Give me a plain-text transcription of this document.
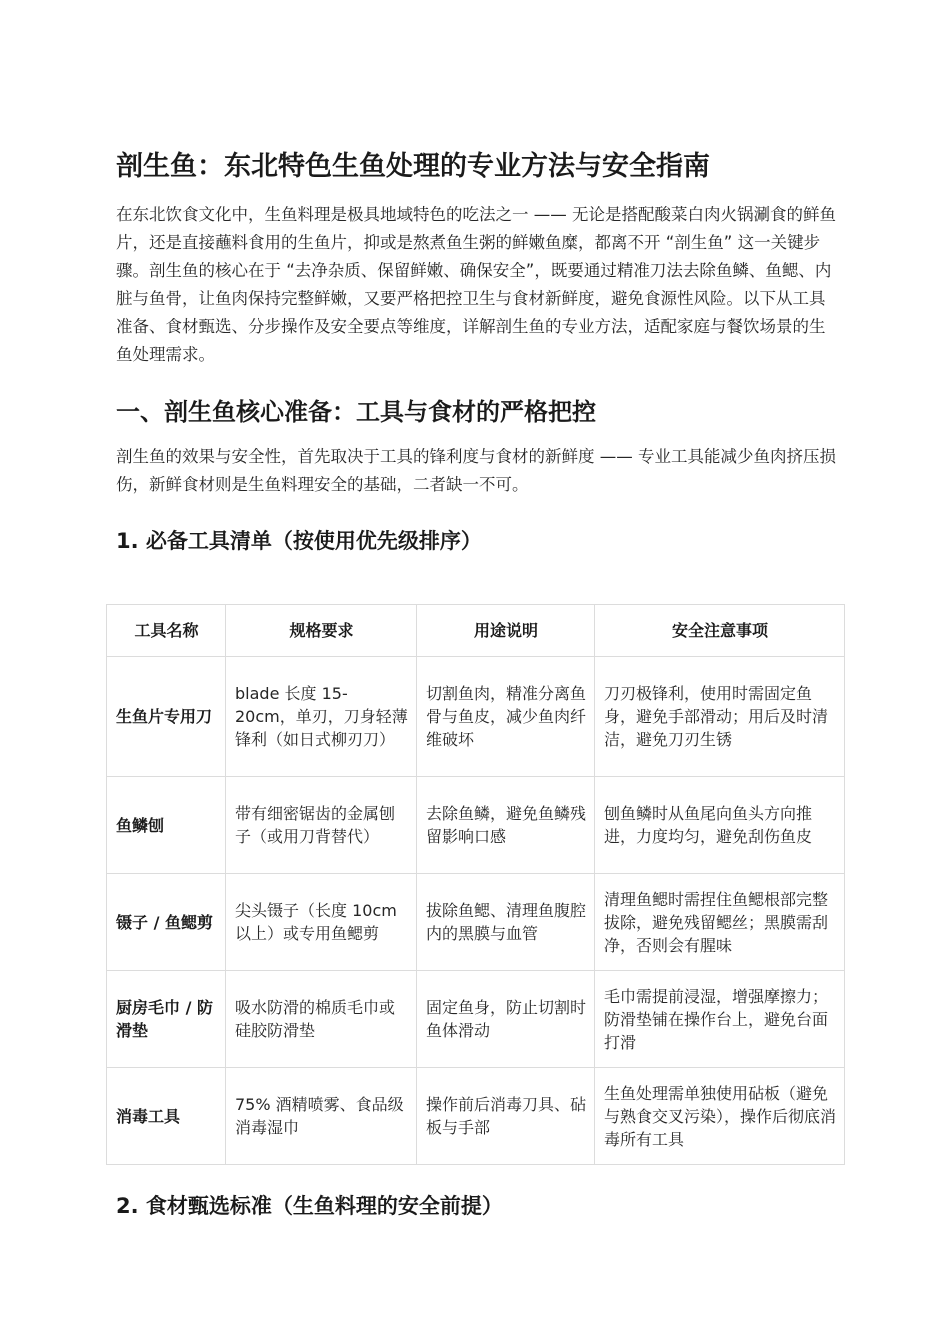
剖生鱼：东北特色生鱼处理的专业方法与安全指南

在东北饮食文化中，生鱼料理是极具地域特色的吃法之一 —— 无论是搭配酸菜白肉火锅涮食的鲜鱼片，还是直接蘸料食用的生鱼片，抑或是熬煮鱼生粥的鲜嫩鱼糜，都离不开 “剖生鱼” 这一关键步骤。剖生鱼的核心在于 “去净杂质、保留鲜嫩、确保安全”，既要通过精准刀法去除鱼鳞、鱼鳃、内脏与鱼骨，让鱼肉保持完整鲜嫩，又要严格把控卫生与食材新鲜度，避免食源性风险。以下从工具准备、食材甄选、分步操作及安全要点等维度，详解剖生鱼的专业方法，适配家庭与餐饮场景的生鱼处理需求。

一、剖生鱼核心准备：工具与食材的严格把控

剖生鱼的效果与安全性，首先取决于工具的锋利度与食材的新鲜度 —— 专业工具能减少鱼肉挤压损伤，新鲜食材则是生鱼料理安全的基础，二者缺一不可。

1. 必备工具清单（按使用优先级排序）
2. 食材甄选标准（生鱼料理的安全前提）
工具名称	规格要求	用途说明	安全注意事项
生鱼片专用刀	blade 长度 15-20cm，单刃，刀身轻薄锋利（如日式柳刃刀）	切割鱼肉，精准分离鱼骨与鱼皮，减少鱼肉纤维破坏	刀刃极锋利，使用时需固定鱼身，避免手部滑动；用后及时清洁，避免刀刃生锈
鱼鳞刨	带有细密锯齿的金属刨子（或用刀背替代）	去除鱼鳞，避免鱼鳞残留影响口感	刨鱼鳞时从鱼尾向鱼头方向推进，力度均匀，避免刮伤鱼皮
镊子 / 鱼鳃剪	尖头镊子（长度 10cm 以上）或专用鱼鳃剪	拔除鱼鳃、清理鱼腹腔内的黑膜与血管	清理鱼鳃时需捏住鱼鳃根部完整拔除，避免残留鳃丝；黑膜需刮净，否则会有腥味
厨房毛巾 / 防滑垫	吸水防滑的棉质毛巾或硅胶防滑垫	固定鱼身，防止切割时鱼体滑动	毛巾需提前浸湿，增强摩擦力；防滑垫铺在操作台上，避免台面打滑
消毒工具	75% 酒精喷雾、食品级消毒湿巾	操作前后消毒刀具、砧板与手部	生鱼处理需单独使用砧板（避免与熟食交叉污染），操作后彻底消毒所有工具
